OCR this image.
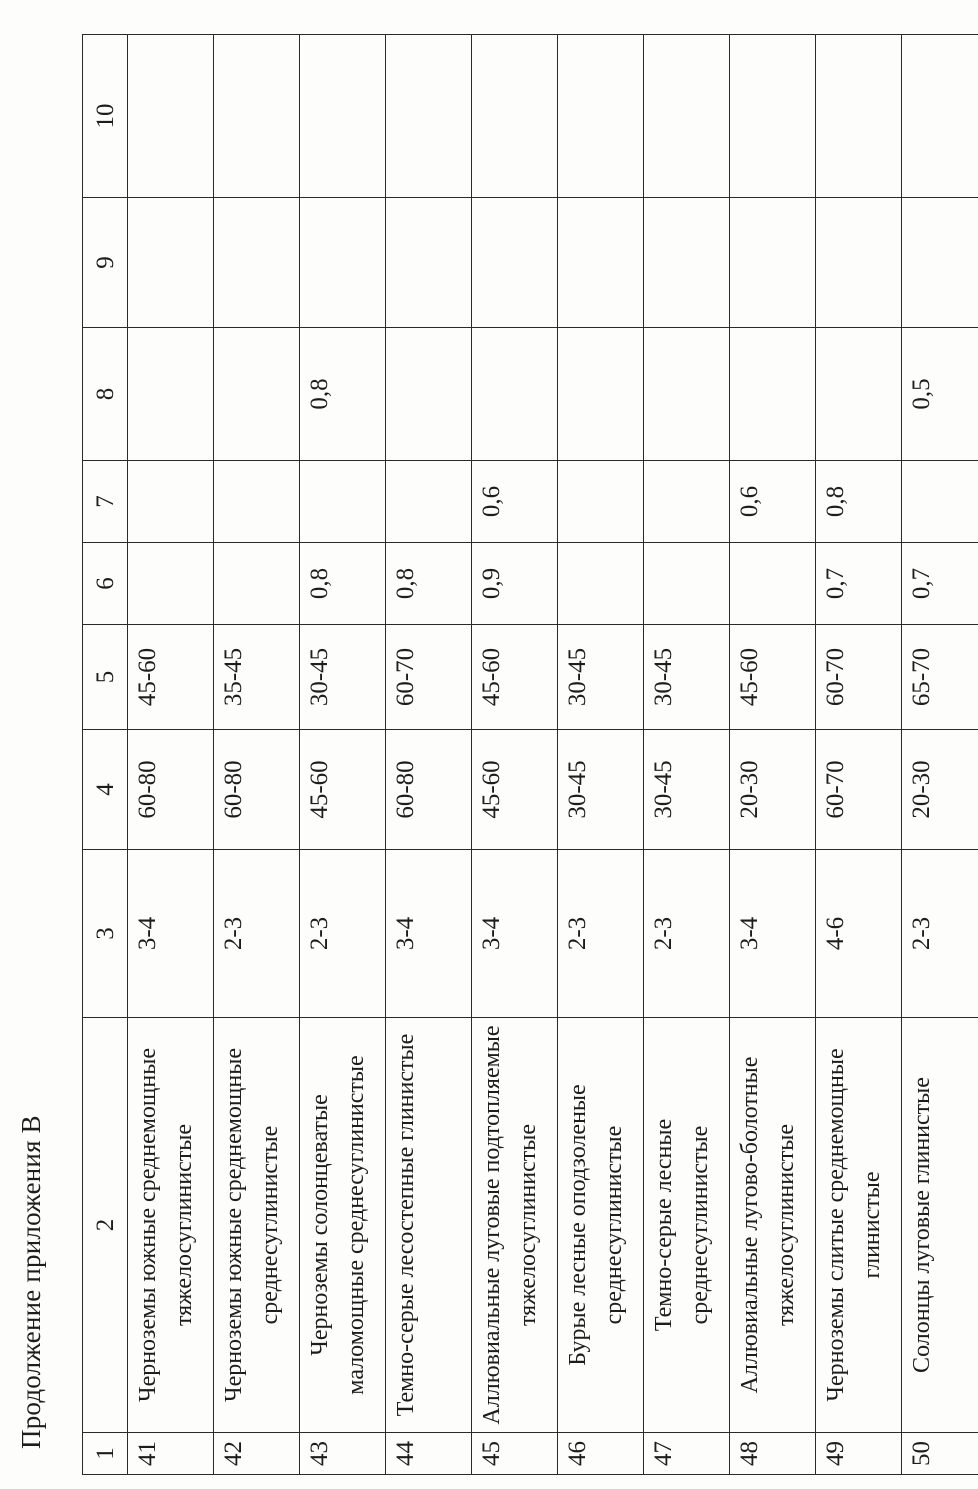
Продолжение приложения В
1	2	3	4	5	6	7	8	9	10
41	Черноземы южные среднемощные тяжелосуглинистые	3-4	60-80	45-60					
42	Черноземы южные среднемощные среднесуглинистые	2-3	60-80	35-45					
43	Черноземы солонцеватые маломощные среднесуглинистые	2-3	45-60	30-45	0,8		0,8		
44	Темно-серые лесостепные глинистые	3-4	60-80	60-70	0,8				
45	Аллювиальные луговые подтопляемые тяжелосуглинистые	3-4	45-60	45-60	0,9	0,6			
46	Бурые лесные оподзоленые среднесуглинистые	2-3	30-45	30-45					
47	Темно-серые лесные среднесуглинистые	2-3	30-45	30-45					
48	Аллювиальные лугово-болотные тяжелосуглинистые	3-4	20-30	45-60		0,6			
49	Черноземы слитые среднемощные глинистые	4-6	60-70	60-70	0,7	0,8			
50	Солонцы луговые глинистые	2-3	20-30	65-70	0,7		0,5		
